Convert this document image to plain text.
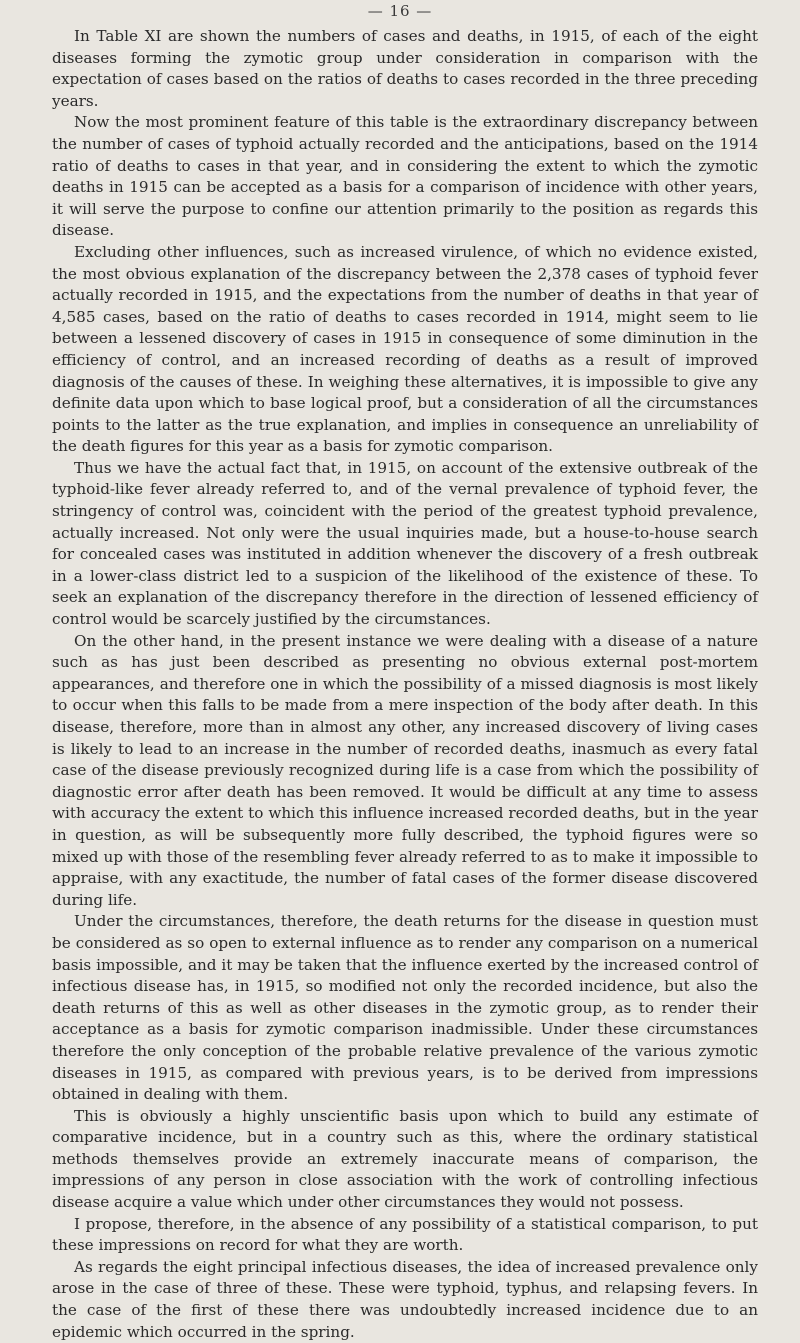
— 16 —

In Table XI are shown the numbers of cases and deaths, in 1915, of each of the eight diseases forming the zymotic group under consideration in comparison with the expectation of cases based on the ratios of deaths to cases recorded in the three preceding years.

Now the most prominent feature of this table is the extraordinary discrepancy between the number of cases of typhoid actually recorded and the anticipations, based on the 1914 ratio of deaths to cases in that year, and in considering the extent to which the zymotic deaths in 1915 can be accepted as a basis for a comparison of incidence with other years, it will serve the purpose to confine our attention primarily to the position as regards this disease.

Excluding other influences, such as increased virulence, of which no evidence existed, the most obvious explanation of the discrepancy between the 2,378 cases of typhoid fever actually recorded in 1915, and the expectations from the number of deaths in that year of 4,585 cases, based on the ratio of deaths to cases recorded in 1914, might seem to lie between a lessened discovery of cases in 1915 in consequence of some diminution in the efficiency of control, and an increased recording of deaths as a result of improved diagnosis of the causes of these. In weighing these alternatives, it is impossible to give any definite data upon which to base logical proof, but a consideration of all the circumstances points to the latter as the true explanation, and implies in consequence an unreliability of the death figures for this year as a basis for zymotic comparison.

Thus we have the actual fact that, in 1915, on account of the extensive outbreak of the typhoid-like fever already referred to, and of the vernal prevalence of typhoid fever, the stringency of control was, coincident with the period of the greatest typhoid prevalence, actually increased. Not only were the usual inquiries made, but a house-to-house search for concealed cases was instituted in addition whenever the discovery of a fresh outbreak in a lower-class district led to a suspicion of the likelihood of the existence of these. To seek an explanation of the discrepancy therefore in the direction of lessened efficiency of control would be scarcely justified by the circumstances.

On the other hand, in the present instance we were dealing with a disease of a nature such as has just been described as presenting no obvious external post-mortem appearances, and therefore one in which the possibility of a missed diagnosis is most likely to occur when this falls to be made from a mere inspection of the body after death. In this disease, therefore, more than in almost any other, any increased discovery of living cases is likely to lead to an increase in the number of recorded deaths, inasmuch as every fatal case of the disease previously recognized during life is a case from which the possibility of diagnostic error after death has been removed. It would be difficult at any time to assess with accuracy the extent to which this influence increased recorded deaths, but in the year in question, as will be subsequently more fully described, the typhoid figures were so mixed up with those of the resembling fever already referred to as to make it impossible to appraise, with any exactitude, the number of fatal cases of the former disease discovered during life.

Under the circumstances, therefore, the death returns for the disease in question must be considered as so open to external influence as to render any comparison on a numerical basis impossible, and it may be taken that the influence exerted by the increased control of infectious disease has, in 1915, so modified not only the recorded incidence, but also the death returns of this as well as other diseases in the zymotic group, as to render their acceptance as a basis for zymotic comparison inadmissible. Under these circumstances therefore the only conception of the probable relative prevalence of the various zymotic diseases in 1915, as compared with previous years, is to be derived from impressions obtained in dealing with them.

This is obviously a highly unscientific basis upon which to build any estimate of comparative incidence, but in a country such as this, where the ordinary statistical methods themselves provide an extremely inaccurate means of comparison, the impressions of any person in close association with the work of controlling infectious disease acquire a value which under other circumstances they would not possess.

I propose, therefore, in the absence of any possibility of a statistical comparison, to put these impressions on record for what they are worth.

As regards the eight principal infectious diseases, the idea of increased prevalence only arose in the case of three of these. These were typhoid, typhus, and relapsing fevers. In the case of the first of these there was undoubtedly increased incidence due to an epidemic which occurred in the spring.
